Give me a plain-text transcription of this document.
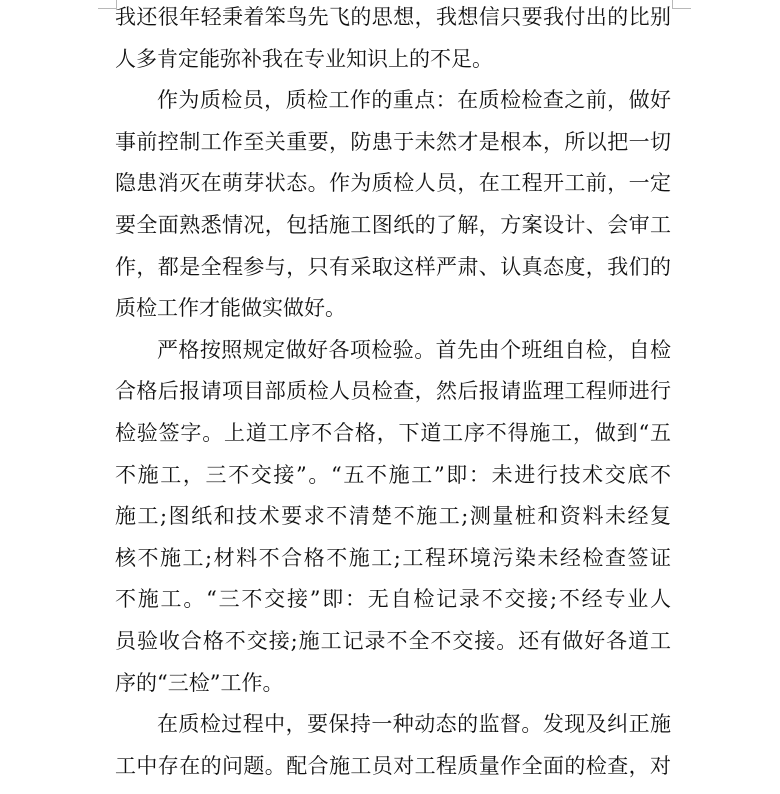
我还很年轻秉着笨鸟先飞的思想，我想信只要我付出的比别
人多肯定能弥补我在专业知识上的不足。
作为质检员，质检工作的重点：在质检检查之前，做好
事前控制工作至关重要，防患于未然才是根本，所以把一切
隐患消灭在萌芽状态。作为质检人员，在工程开工前，一定
要全面熟悉情况，包括施工图纸的了解，方案设计、会审工
作，都是全程参与，只有采取这样严肃、认真态度，我们的
质检工作才能做实做好。
严格按照规定做好各项检验。首先由个班组自检，自检
合格后报请项目部质检人员检查，然后报请监理工程师进行
检验签字。上道工序不合格，下道工序不得施工，做到“五
不施工，三不交接”。“五不施工”即：未进行技术交底不
施工;图纸和技术要求不清楚不施工;测量桩和资料未经复
核不施工;材料不合格不施工;工程环境污染未经检查签证
不施工。“三不交接”即：无自检记录不交接;不经专业人
员验收合格不交接;施工记录不全不交接。还有做好各道工
序的“三检”工作。
在质检过程中，要保持一种动态的监督。发现及纠正施
工中存在的问题。配合施工员对工程质量作全面的检查，对
